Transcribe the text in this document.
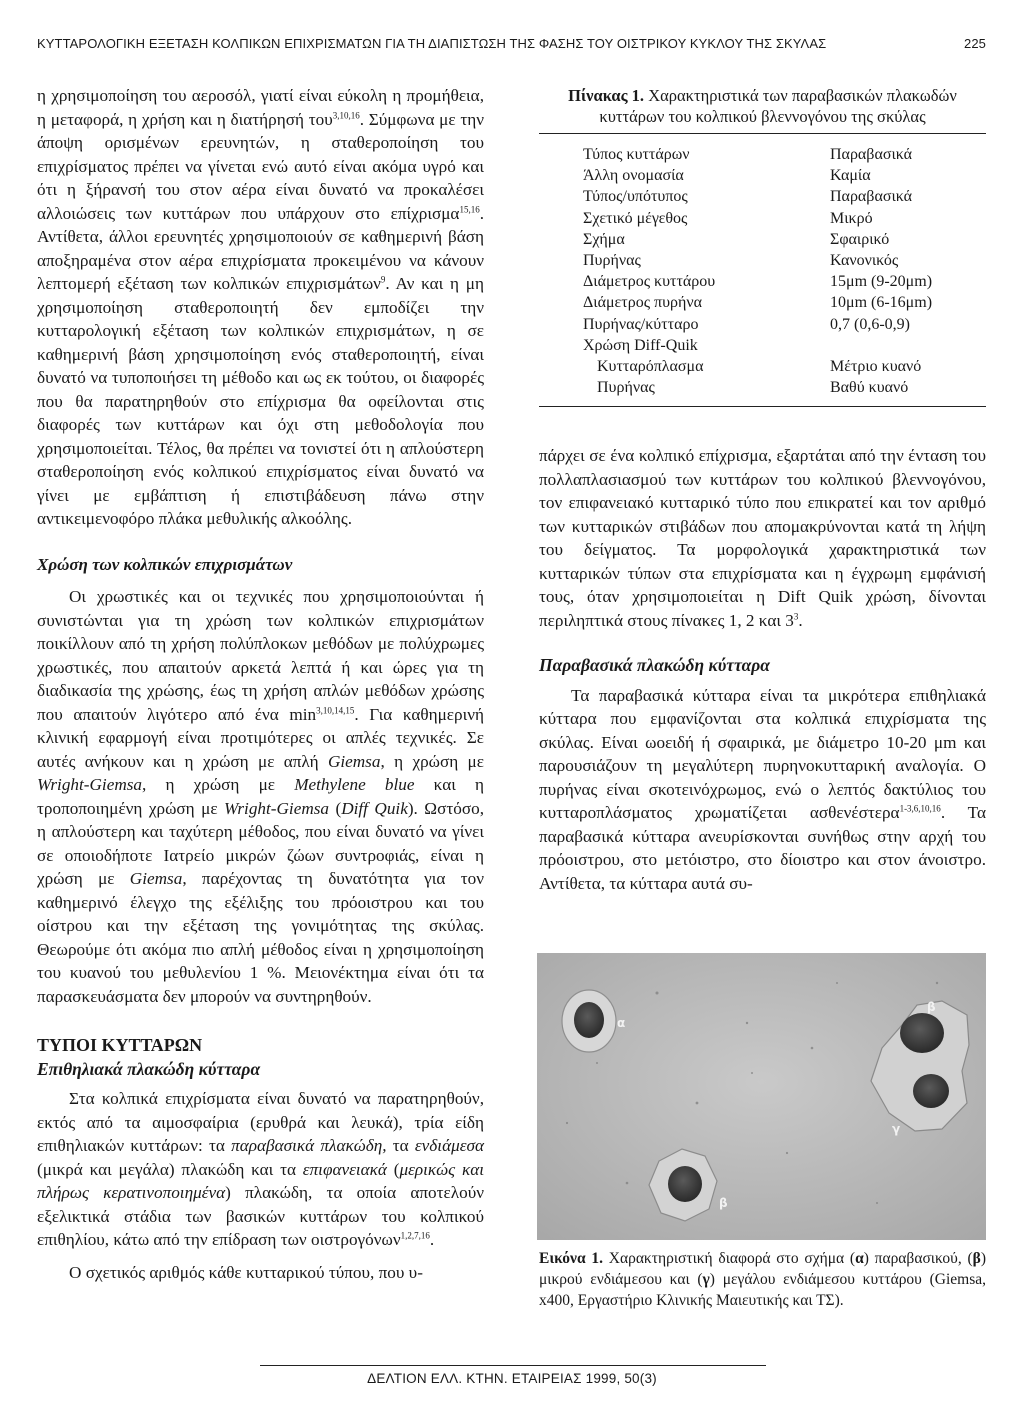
ΚΥΤΤΑΡΟΛΟΓΙΚΗ ΕΞΕΤΑΣΗ ΚΟΛΠΙΚΩΝ ΕΠΙΧΡΙΣΜΑΤΩΝ ΓΙΑ ΤΗ ΔΙΑΠΙΣΤΩΣΗ ΤΗΣ ΦΑΣΗΣ ΤΟΥ ΟΙΣΤΡΙΚΟΥ ΚΥΚΛΟΥ ΤΗΣ ΣΚΥΛΑΣ	225

η χρησιμοποίηση του αεροσόλ, γιατί είναι εύκολη η προμήθεια, η μεταφορά, η χρήση και η διατήρησή του$^{3,10,16}$. Σύμφωνα με την άποψη ορισμένων ερευνητών, η σταθεροποίηση του επιχρίσματος πρέπει να γίνεται ενώ αυτό είναι ακόμα υγρό και ότι η ξήρανσή του στον αέρα είναι δυνατό να προκαλέσει αλλοιώσεις των κυττάρων που υπάρχουν στο επίχρισμα$^{15,16}$. Αντίθετα, άλλοι ερευνητές χρησιμοποιούν σε καθημερινή βάση αποξηραμένα στον αέρα επιχρίσματα προκειμένου να κάνουν λεπτομερή εξέταση των κολπικών επιχρισμάτων$^9$. Αν και η μη χρησιμοποίηση σταθεροποιητή δεν εμποδίζει την κυτταρολογική εξέταση των κολπικών επιχρισμάτων, η σε καθημερινή βάση χρησιμοποίηση ενός σταθεροποιητή, είναι δυνατό να τυποποιήσει τη μέθοδο και ως εκ τούτου, οι διαφορές που θα παρατηρηθούν στο επίχρισμα θα οφείλονται στις διαφορές των κυττάρων και όχι στη μεθοδολογία που χρησιμοποιείται. Τέλος, θα πρέπει να τονιστεί ότι η απλούστερη σταθεροποίηση ενός κολπικού επιχρίσματος είναι δυνατό να γίνει με εμβάπτιση ή επιστιβάδευση πάνω στην αντικειμενοφόρο πλάκα μεθυλικής αλκοόλης.

Χρώση των κολπικών επιχρισμάτων

Οι χρωστικές και οι τεχνικές που χρησιμοποιούνται ή συνιστώνται για τη χρώση των κολπικών επιχρισμάτων ποικίλλουν από τη χρήση πολύπλοκων μεθόδων με πολύχρωμες χρωστικές, που απαιτούν αρκετά λεπτά ή και ώρες για τη διαδικασία της χρώσης, έως τη χρήση απλών μεθόδων χρώσης που απαιτούν λιγότερο από ένα $\min^{3,10,14,15}$. Για καθημερινή κλινική εφαρμογή είναι προτιμότερες οι απλές τεχνικές. Σε αυτές ανήκουν και η χρώση με απλή Giemsa, η χρώση με Wright-Giemsa, η χρώση με Methylene blue και η τροποποιημένη χρώση με Wright-Giemsa (Diff Quik). Ωστόσο, η απλούστερη και ταχύτερη μέθοδος, που είναι δυνατό να γίνει σε οποιοδήποτε Ιατρείο μικρών ζώων συντροφιάς, είναι η χρώση με Giemsa, παρέχοντας τη δυνατότητα για τον καθημερινό έλεγχο της εξέλιξης του πρόοιστρου και του οίστρου και την εξέταση της γονιμότητας της σκύλας. Θεωρούμε ότι ακόμα πιο απλή μέθοδος είναι η χρησιμοποίηση του κυανού του μεθυλενίου 1 %. Μειονέκτημα είναι ότι τα παρασκευάσματα δεν μπορούν να συντηρηθούν.

ΤΥΠΟΙ ΚΥΤΤΑΡΩΝ
Επιθηλιακά πλακώδη κύτταρα

Στα κολπικά επιχρίσματα είναι δυνατό να παρατηρηθούν, εκτός από τα αιμοσφαίρια (ερυθρά και λευκά), τρία είδη επιθηλιακών κυττάρων: τα παραβασικά πλακώδη, τα ενδιάμεσα (μικρά και μεγάλα) πλακώδη και τα επιφανειακά (μερικώς και πλήρως κερατινοποιημένα) πλακώδη, τα οποία αποτελούν εξελικτικά στάδια των βασικών κυττάρων του κολπικού επιθηλίου, κάτω από την επίδραση των οιστρογόνων$^{1,2,7,16}$.

Ο σχετικός αριθμός κάθε κυτταρικού τύπου, που υ-

Πίνακας 1. Χαρακτηριστικά των παραβασικών πλακωδών κυττάρων του κολπικού βλεννογόνου της σκύλας
Τύπος κυττάρων	Παραβασικά
Άλλη ονομασία	Καμία
Τύπος/υπότυπος	Παραβασικά
Σχετικό μέγεθος	Μικρό
Σχήμα	Σφαιρικό
Πυρήνας	Κανονικός
Διάμετρος κυττάρου	15μm (9-20μm)
Διάμετρος πυρήνα	10μm (6-16μm)
Πυρήνας/κύτταρο	0,7 (0,6-0,9)
Χρώση Diff-Quik	
Κυτταρόπλασμα	Μέτριο κυανό
Πυρήνας	Βαθύ κυανό

πάρχει σε ένα κολπικό επίχρισμα, εξαρτάται από την ένταση του πολλαπλασιασμού των κυττάρων του κολπικού βλεννογόνου, τον επιφανειακό κυτταρικό τύπο που επικρατεί και τον αριθμό των κυτταρικών στιβάδων που απομακρύνονται κατά τη λήψη του δείγματος. Τα μορφολογικά χαρακτηριστικά των κυτταρικών τύπων στα επιχρίσματα και η έγχρωμη εμφάνισή τους, όταν χρησιμοποιείται η Dift Quik χρώση, δίνονται περιληπτικά στους πίνακες 1, 2 και $3^3$.

Παραβασικά πλακώδη κύτταρα

Τα παραβασικά κύτταρα είναι τα μικρότερα επιθηλιακά κύτταρα που εμφανίζονται στα κολπικά επιχρίσματα της σκύλας. Είναι ωοειδή ή σφαιρικά, με διάμετρο 10-20 μm και παρουσιάζουν τη μεγαλύτερη πυρηνοκυτταρική αναλογία. Ο πυρήνας είναι σκοτεινόχρωμος, ενώ ο λεπτός δακτύλιος του κυτταροπλάσματος χρωματίζεται ασθενέστερα$^{1-3,6,10,16}$. Τα παραβασικά κύτταρα ανευρίσκονται συνήθως στην αρχή του πρόοιστρου, στο μετόιστρο, στο δίοιστρο και στον άνοιστρο. Αντίθετα, τα κύτταρα αυτά συ-

α
β
γ
β
Εικόνα 1. Χαρακτηριστική διαφορά στο σχήμα (α) παραβασικού, (β) μικρού ενδιάμεσου και (γ) μεγάλου ενδιάμεσου κυττάρου (Giemsa, x400, Εργαστήριο Κλινικής Μαιευτικής και ΤΣ).
ΔΕΛΤΙΟΝ ΕΛΛ. ΚΤΗΝ. ΕΤΑΙΡΕΙΑΣ 1999, 50(3)
